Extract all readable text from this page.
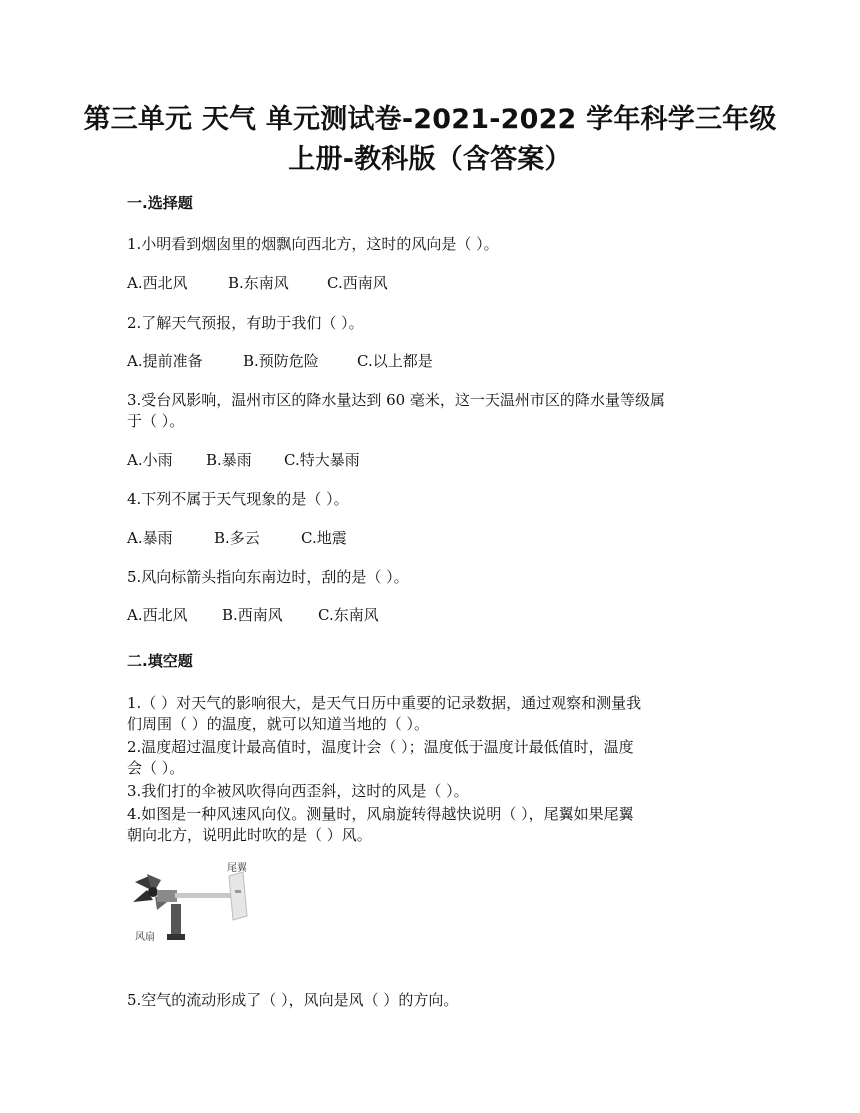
第三单元 天气 单元测试卷-2021-2022 学年科学三年级
上册-教科版（含答案）
一.选择题
1.小明看到烟囱里的烟飘向西北方，这时的风向是（ ）。
A.西北风	B.东南风	C.西南风
2.了解天气预报，有助于我们（ ）。
A.提前准备	B.预防危险	C.以上都是
3.受台风影响，温州市区的降水量达到 60 毫米，这一天温州市区的降水量等级属
于（ ）。
A.小雨	B.暴雨	C.特大暴雨
4.下列不属于天气现象的是（ ）。
A.暴雨	B.多云	C.地震
5.风向标箭头指向东南边时，刮的是（ ）。
A.西北风	B.西南风	C.东南风
二.填空题
1.（ ）对天气的影响很大，是天气日历中重要的记录数据，通过观察和测量我
们周围（ ）的温度，就可以知道当地的（ ）。
2.温度超过温度计最高值时，温度计会（ ）；温度低于温度计最低值时，温度
会（ ）。
3.我们打的伞被风吹得向西歪斜，这时的风是（ ）。
4.如图是一种风速风向仪。测量时，风扇旋转得越快说明（ ），尾翼如果尾翼
朝向北方，说明此时吹的是（ ）风。
尾翼
风扇
5.空气的流动形成了（ ），风向是风（ ）的方向。
